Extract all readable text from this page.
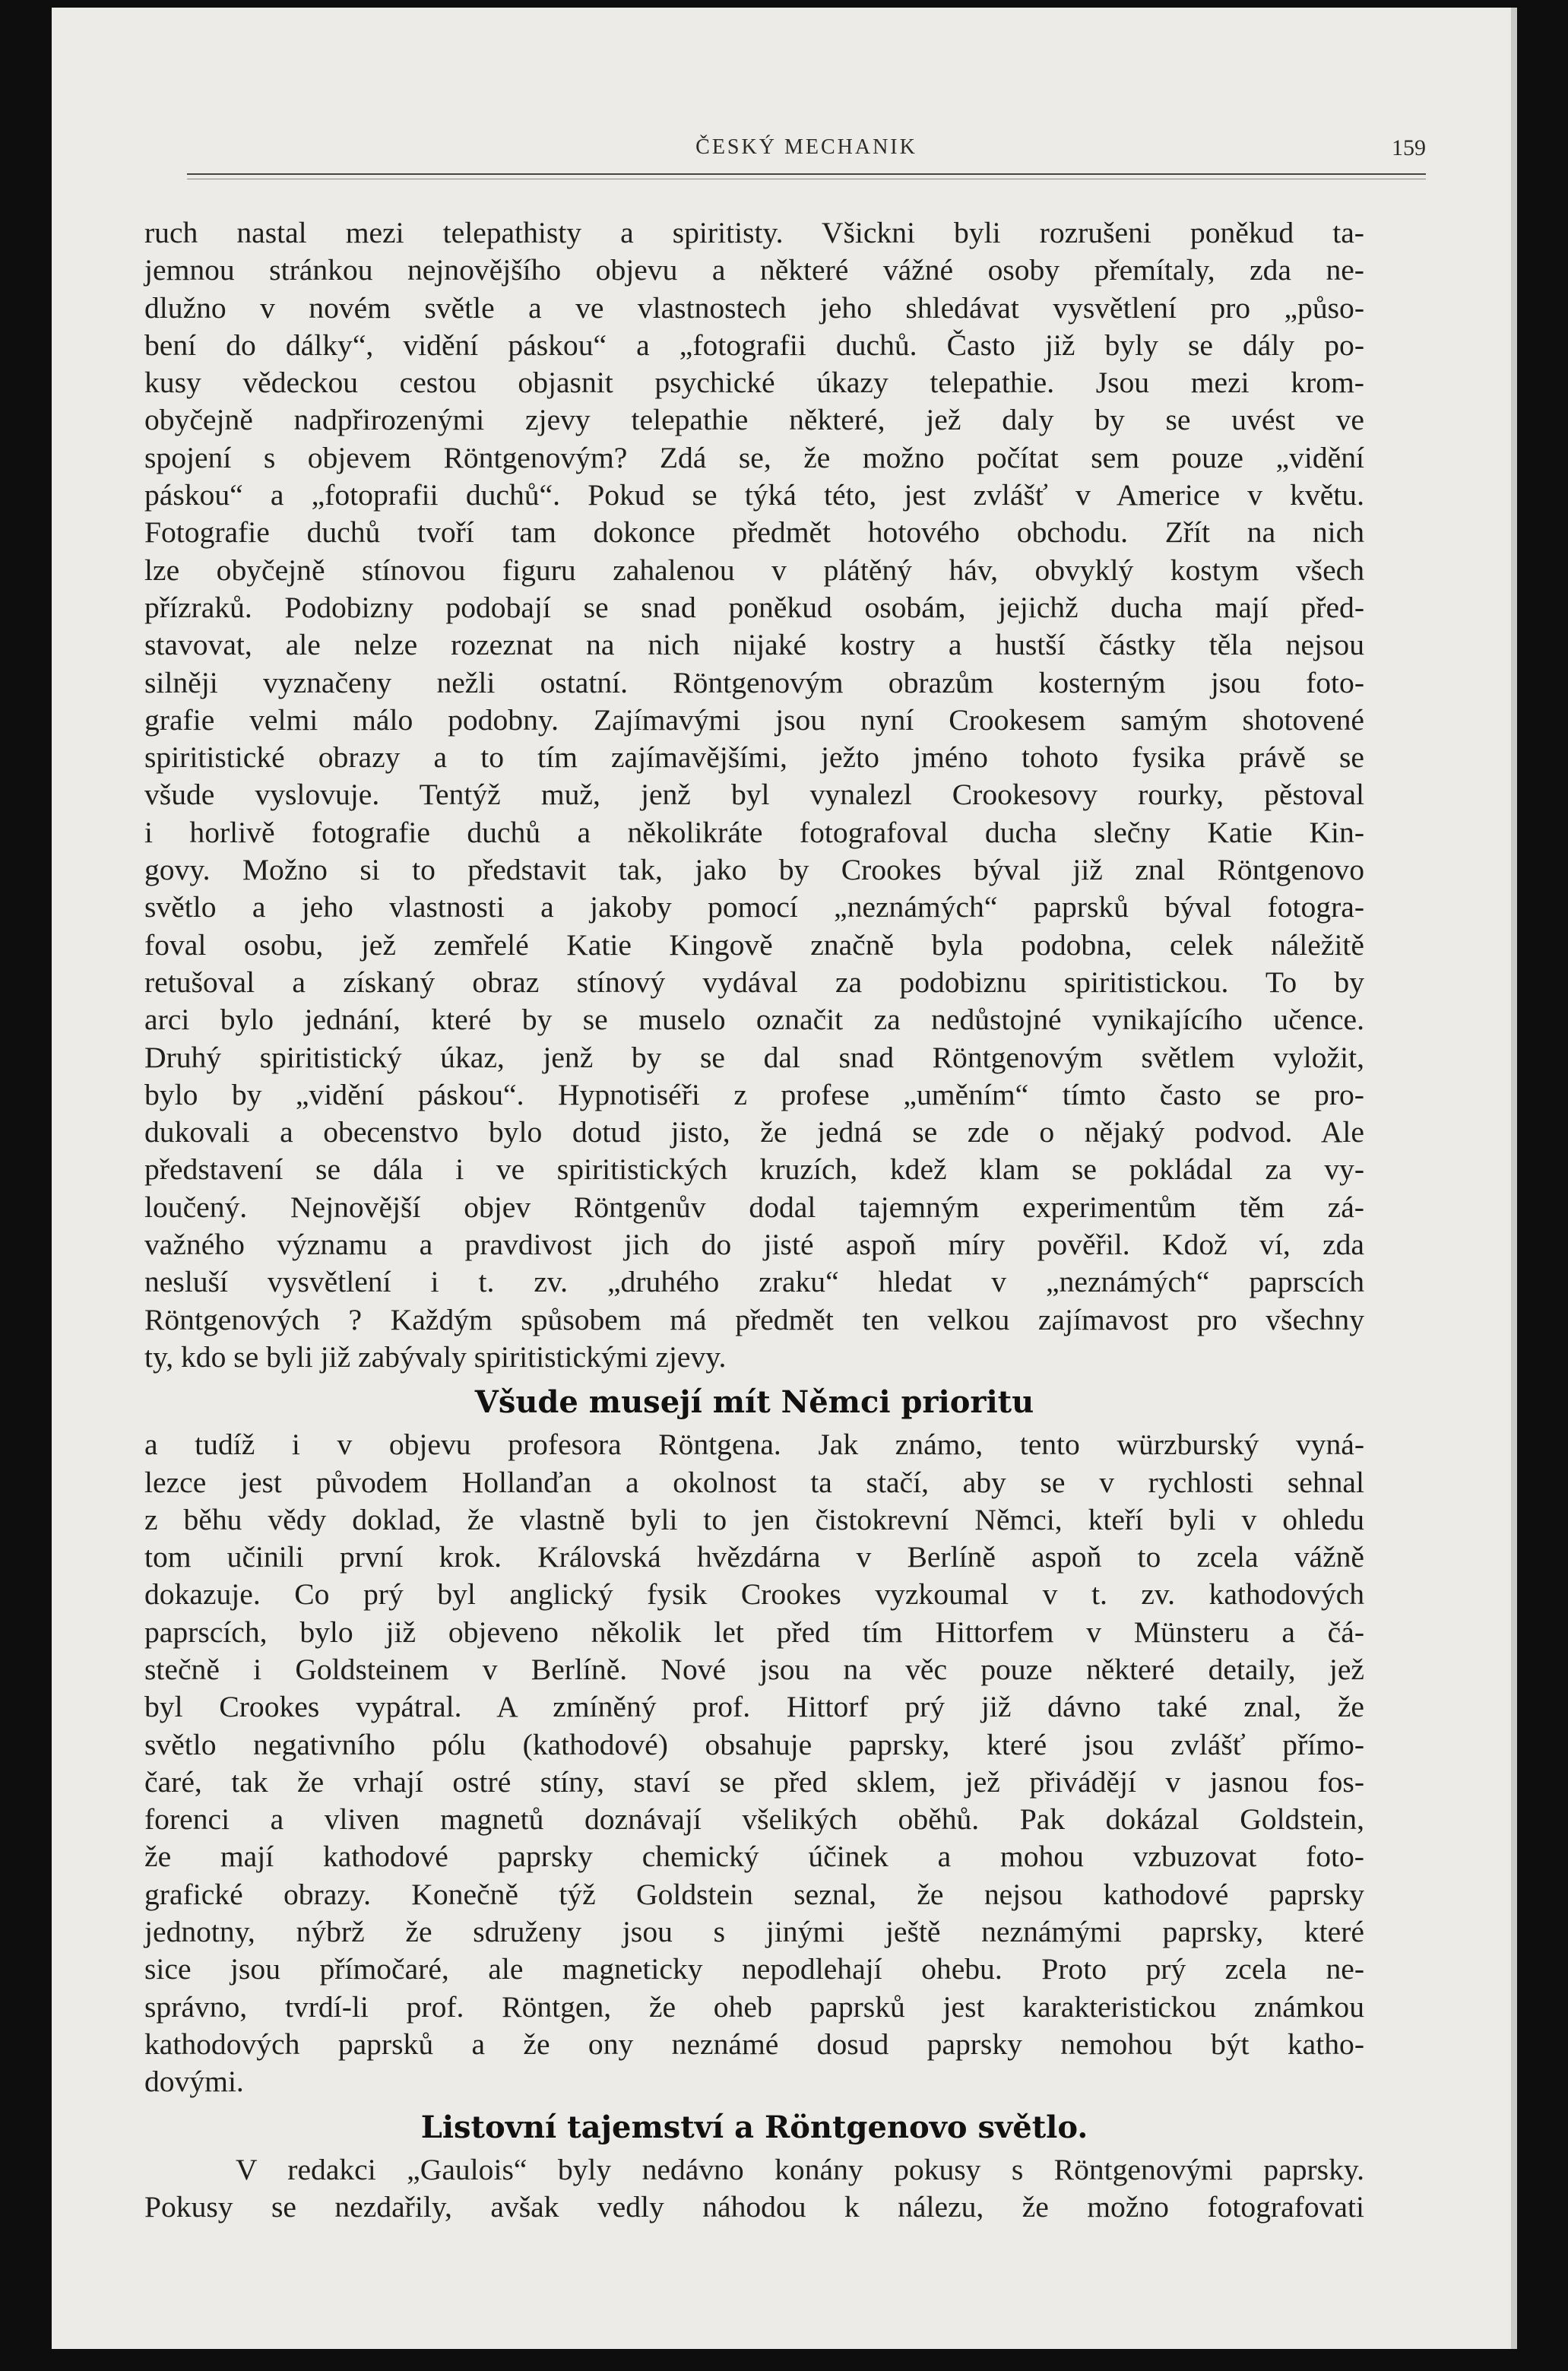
ČESKÝ MECHANIK	159
ruch nastal mezi telepathisty a spiritisty. Všickni byli rozrušeni poněkud ta-
jemnou stránkou nejnovějšího objevu a některé vážné osoby přemítaly, zda ne-
dlužno v novém světle a ve vlastnostech jeho shledávat vysvětlení pro „půso-
bení do dálky“, vidění páskou“ a „fotografii duchů. Často již byly se dály po-
kusy vědeckou cestou objasnit psychické úkazy telepathie. Jsou mezi krom-
obyčejně nadpřirozenými zjevy telepathie některé, jež daly by se uvést ve
spojení s objevem Röntgenovým? Zdá se, že možno počítat sem pouze „vidění
páskou“ a „fotoprafii duchů“. Pokud se týká této, jest zvlášť v Americe v květu.
Fotografie duchů tvoří tam dokonce předmět hotového obchodu. Zřít na nich
lze obyčejně stínovou figuru zahalenou v plátěný háv, obvyklý kostym všech
přízraků. Podobizny podobají se snad poněkud osobám, jejichž ducha mají před-
stavovat, ale nelze rozeznat na nich nijaké kostry a hustší částky těla nejsou
silněji vyznačeny nežli ostatní. Röntgenovým obrazům kosterným jsou foto-
grafie velmi málo podobny. Zajímavými jsou nyní Crookesem samým shotovené
spiritistické obrazy a to tím zajímavějšími, ježto jméno tohoto fysika právě se
všude vyslovuje. Tentýž muž, jenž byl vynalezl Crookesovy rourky, pěstoval
i horlivě fotografie duchů a několikráte fotografoval ducha slečny Katie Kin-
govy. Možno si to představit tak, jako by Crookes býval již znal Röntgenovo
světlo a jeho vlastnosti a jakoby pomocí „neznámých“ paprsků býval fotogra-
foval osobu, jež zemřelé Katie Kingově značně byla podobna, celek náležitě
retušoval a získaný obraz stínový vydával za podobiznu spiritistickou. To by
arci bylo jednání, které by se muselo označit za nedůstojné vynikajícího učence.
Druhý spiritistický úkaz, jenž by se dal snad Röntgenovým světlem vyložit,
bylo by „vidění páskou“. Hypnotiséři z profese „uměním“ tímto často se pro-
dukovali a obecenstvo bylo dotud jisto, že jedná se zde o nějaký podvod. Ale
představení se dála i ve spiritistických kruzích, kdež klam se pokládal za vy-
loučený. Nejnovější objev Röntgenův dodal tajemným experimentům těm zá-
važného významu a pravdivost jich do jisté aspoň míry pověřil. Kdož ví, zda
nesluší vysvětlení i t. zv. „druhého zraku“ hledat v „neznámých“ paprscích
Röntgenových ? Každým spůsobem má předmět ten velkou zajímavost pro všechny
ty, kdo se byli již zabývaly spiritistickými zjevy.
Všude musejí mít Němci prioritu
a tudíž i v objevu profesora Röntgena. Jak známo, tento würzburský vyná-
lezce jest původem Hollanďan a okolnost ta stačí, aby se v rychlosti sehnal
z běhu vědy doklad, že vlastně byli to jen čistokrevní Němci, kteří byli v ohledu
tom učinili první krok. Královská hvězdárna v Berlíně aspoň to zcela vážně
dokazuje. Co prý byl anglický fysik Crookes vyzkoumal v t. zv. kathodových
paprscích, bylo již objeveno několik let před tím Hittorfem v Münsteru a čá-
stečně i Goldsteinem v Berlíně. Nové jsou na věc pouze některé detaily, jež
byl Crookes vypátral. A zmíněný prof. Hittorf prý již dávno také znal, že
světlo negativního pólu (kathodové) obsahuje paprsky, které jsou zvlášť přímo-
čaré, tak že vrhají ostré stíny, staví se před sklem, jež přivádějí v jasnou fos-
forenci a vliven magnetů doznávají všelikých oběhů. Pak dokázal Goldstein,
že mají kathodové paprsky chemický účinek a mohou vzbuzovat foto-
grafické obrazy. Konečně týž Goldstein seznal, že nejsou kathodové paprsky
jednotny, nýbrž že sdruženy jsou s jinými ještě neznámými paprsky, které
sice jsou přímočaré, ale magneticky nepodlehají ohebu. Proto prý zcela ne-
správno, tvrdí-li prof. Röntgen, že oheb paprsků jest karakteristickou známkou
kathodových paprsků a že ony neznámé dosud paprsky nemohou být katho-
dovými.
Listovní tajemství a Röntgenovo světlo.
V redakci „Gaulois“ byly nedávno konány pokusy s Röntgenovými paprsky.
Pokusy se nezdařily, avšak vedly náhodou k nálezu, že možno fotografovati
